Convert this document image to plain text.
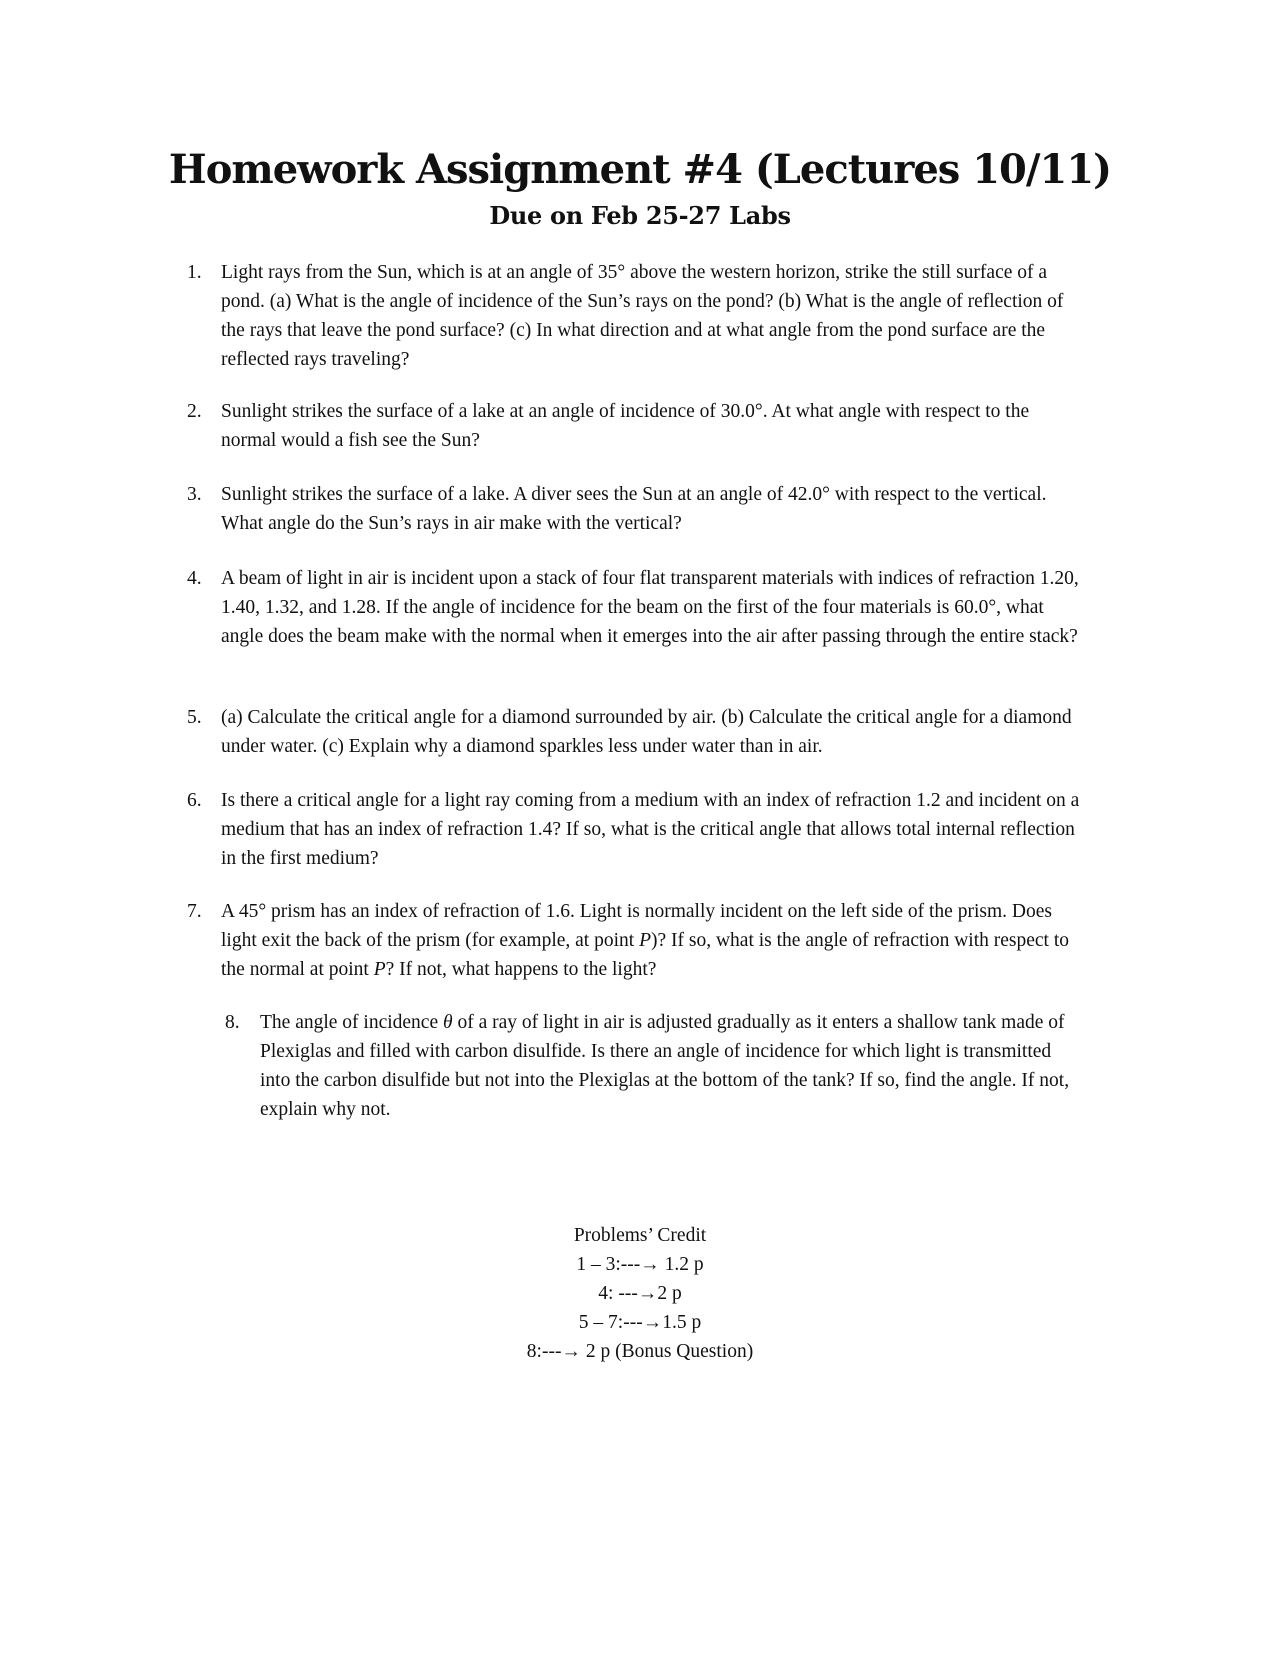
Homework Assignment #4 (Lectures 10/11)
Due on Feb 25-27 Labs
1. Light rays from the Sun, which is at an angle of 35° above the western horizon, strike the still surface of a pond. (a) What is the angle of incidence of the Sun’s rays on the pond? (b) What is the angle of reflection of the rays that leave the pond surface? (c) In what direction and at what angle from the pond surface are the reflected rays traveling?
2. Sunlight strikes the surface of a lake at an angle of incidence of 30.0°. At what angle with respect to the normal would a fish see the Sun?
3. Sunlight strikes the surface of a lake. A diver sees the Sun at an angle of 42.0° with respect to the vertical. What angle do the Sun’s rays in air make with the vertical?
4. A beam of light in air is incident upon a stack of four flat transparent materials with indices of refraction 1.20, 1.40, 1.32, and 1.28. If the angle of incidence for the beam on the first of the four materials is 60.0°, what angle does the beam make with the normal when it emerges into the air after passing through the entire stack?
5. (a) Calculate the critical angle for a diamond surrounded by air. (b) Calculate the critical angle for a diamond under water. (c) Explain why a diamond sparkles less under water than in air.
6. Is there a critical angle for a light ray coming from a medium with an index of refraction 1.2 and incident on a medium that has an index of refraction 1.4? If so, what is the critical angle that allows total internal reflection in the first medium?
7. A 45° prism has an index of refraction of 1.6. Light is normally incident on the left side of the prism. Does light exit the back of the prism (for example, at point P)? If so, what is the angle of refraction with respect to the normal at point P? If not, what happens to the light?
8. The angle of incidence θ of a ray of light in air is adjusted gradually as it enters a shallow tank made of Plexiglas and filled with carbon disulfide. Is there an angle of incidence for which light is transmitted into the carbon disulfide but not into the Plexiglas at the bottom of the tank? If so, find the angle. If not, explain why not.
Problems’ Credit
1 – 3:---→ 1.2 p
4: ---→2 p
5 – 7:---→1.5 p
8:---→ 2 p (Bonus Question)
